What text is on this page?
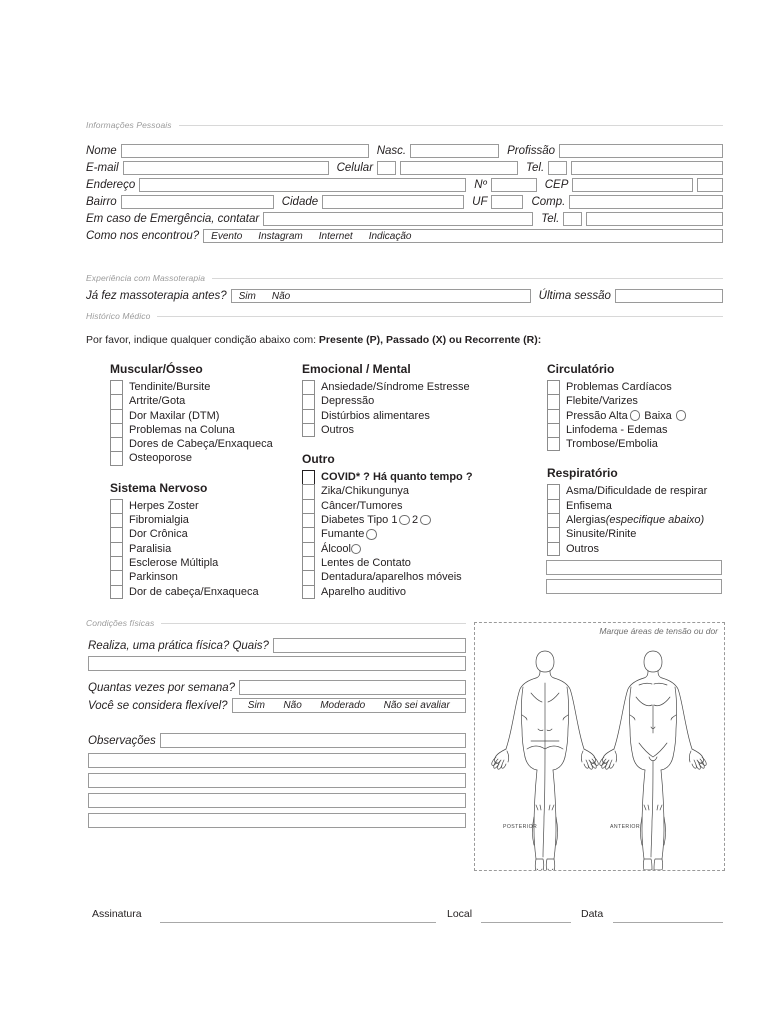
Informações Pessoais
Nome	Nasc.	Profissão
E-mail	Celular	Tel.
Endereço	Nº	CEP
Bairro	Cidade	UF	Comp.
Em caso de Emergência, contatar	Tel.
Como nos encontrou? Evento Instagram Internet Indicação
Experiência com Massoterapia
Já fez massoterapia antes? Sim Não	Última sessão
Histórico Médico
Por favor, indique qualquer condição abaixo com: Presente (P), Passado (X) ou Recorrente (R):
Muscular/Ósseo
Tendinite/Bursite
Artrite/Gota
Dor Maxilar (DTM)
Problemas na Coluna
Dores de Cabeça/Enxaqueca
Osteoporose
Sistema Nervoso
Herpes Zoster
Fibromialgia
Dor Crônica
Paralisia
Esclerose Múltipla
Parkinson
Dor de cabeça/Enxaqueca
Emocional / Mental
Ansiedade/Síndrome Estresse
Depressão
Distúrbios alimentares
Outros
Outro
COVID* ? Há quanto tempo ?
Zika/Chikungunya
Câncer/Tumores
Diabetes Tipo 1 2
Fumante
Álcool
Lentes de Contato
Dentadura/aparelhos móveis
Aparelho auditivo
Circulatório
Problemas Cardíacos
Flebite/Varizes
Pressão Alta Baixa
Linfodema - Edemas
Trombose/Embolia
Respiratório
Asma/Dificuldade de respirar
Enfisema
Alergias (especifique abaixo)
Sinusite/Rinite
Outros
Condições físicas
Realiza, uma prática física? Quais?
Quantas vezes por semana?
Você se considera flexível? Sim Não Moderado Não sei avaliar
Observações
Marque áreas de tensão ou dor
POSTERIOR	ANTERIOR
Assinatura	Local	Data
